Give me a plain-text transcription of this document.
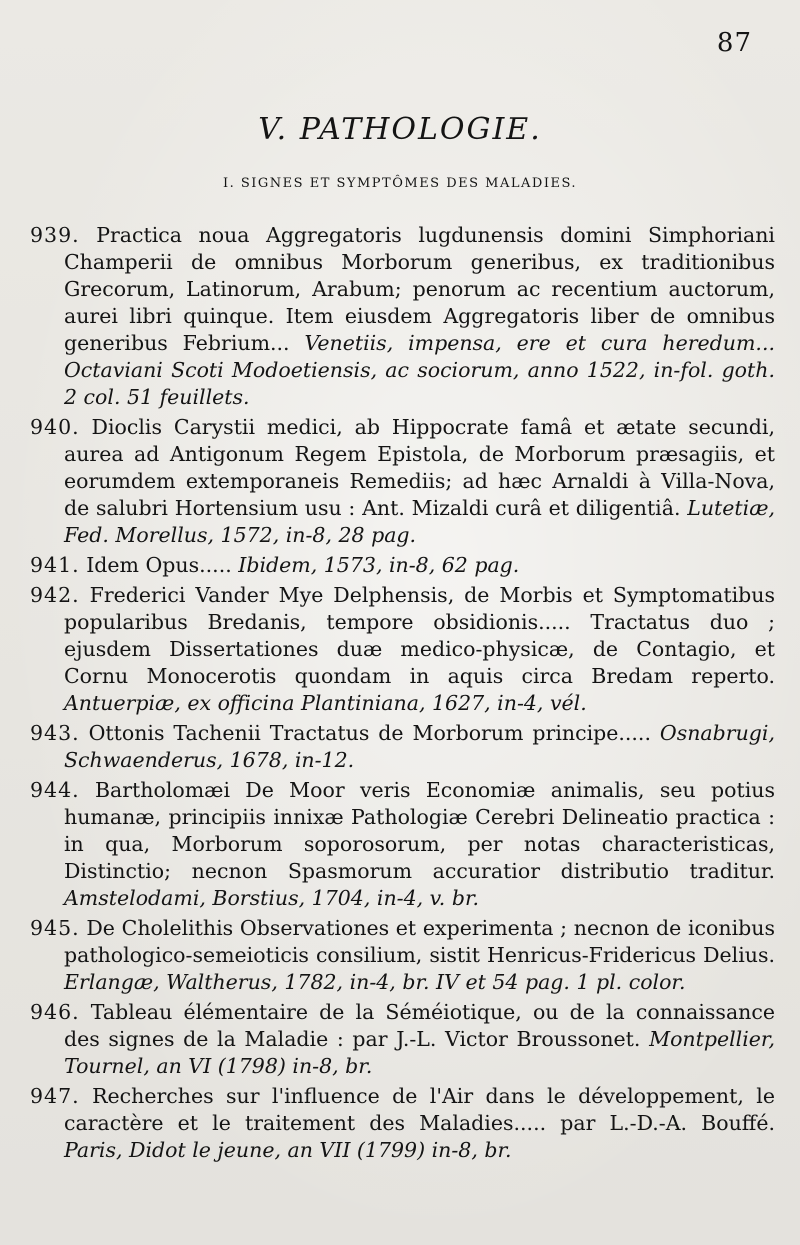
87
V. PATHOLOGIE.
I. SIGNES ET SYMPTÔMES DES MALADIES.
939. Practica noua Aggregatoris lugdunensis domini Simphoriani Champerii de omnibus Morborum generibus, ex traditionibus Grecorum, Latinorum, Arabum; penorum ac recentium auctorum, aurei libri quinque. Item eiusdem Aggregatoris liber de omnibus generibus Febrium... Venetiis, impensa, ere et cura heredum... Octaviani Scoti Modoetiensis, ac sociorum, anno 1522, in-fol. goth. 2 col. 51 feuillets.
940. Dioclis Carystii medici, ab Hippocrate famâ et ætate secundi, aurea ad Antigonum Regem Epistola, de Morborum præsagiis, et eorumdem extemporaneis Remediis; ad hæc Arnaldi à Villa-Nova, de salubri Hortensium usu : Ant. Mizaldi curâ et diligentiâ. Lutetiæ, Fed. Morellus, 1572, in-8, 28 pag.
941. Idem Opus..... Ibidem, 1573, in-8, 62 pag.
942. Frederici Vander Mye Delphensis, de Morbis et Symptomatibus popularibus Bredanis, tempore obsidionis..... Tractatus duo ; ejusdem Dissertationes duæ medico-physicæ, de Contagio, et Cornu Monocerotis quondam in aquis circa Bredam reperto. Antuerpiæ, ex officina Plantiniana, 1627, in-4, vél.
943. Ottonis Tachenii Tractatus de Morborum principe..... Osnabrugi, Schwaenderus, 1678, in-12.
944. Bartholomæi De Moor veris Economiæ animalis, seu potius humanæ, principiis innixæ Pathologiæ Cerebri Delineatio practica : in qua, Morborum soporosorum, per notas characteristicas, Distinctio; necnon Spasmorum accuratior distributio traditur. Amstelodami, Borstius, 1704, in-4, v. br.
945. De Cholelithis Observationes et experimenta ; necnon de iconibus pathologico-semeioticis consilium, sistit Henricus-Fridericus Delius. Erlangæ, Waltherus, 1782, in-4, br. IV et 54 pag. 1 pl. color.
946. Tableau élémentaire de la Séméiotique, ou de la connaissance des signes de la Maladie : par J.-L. Victor Broussonet. Montpellier, Tournel, an VI (1798) in-8, br.
947. Recherches sur l'influence de l'Air dans le développement, le caractère et le traitement des Maladies..... par L.-D.-A. Bouffé. Paris, Didot le jeune, an VII (1799) in-8, br.
